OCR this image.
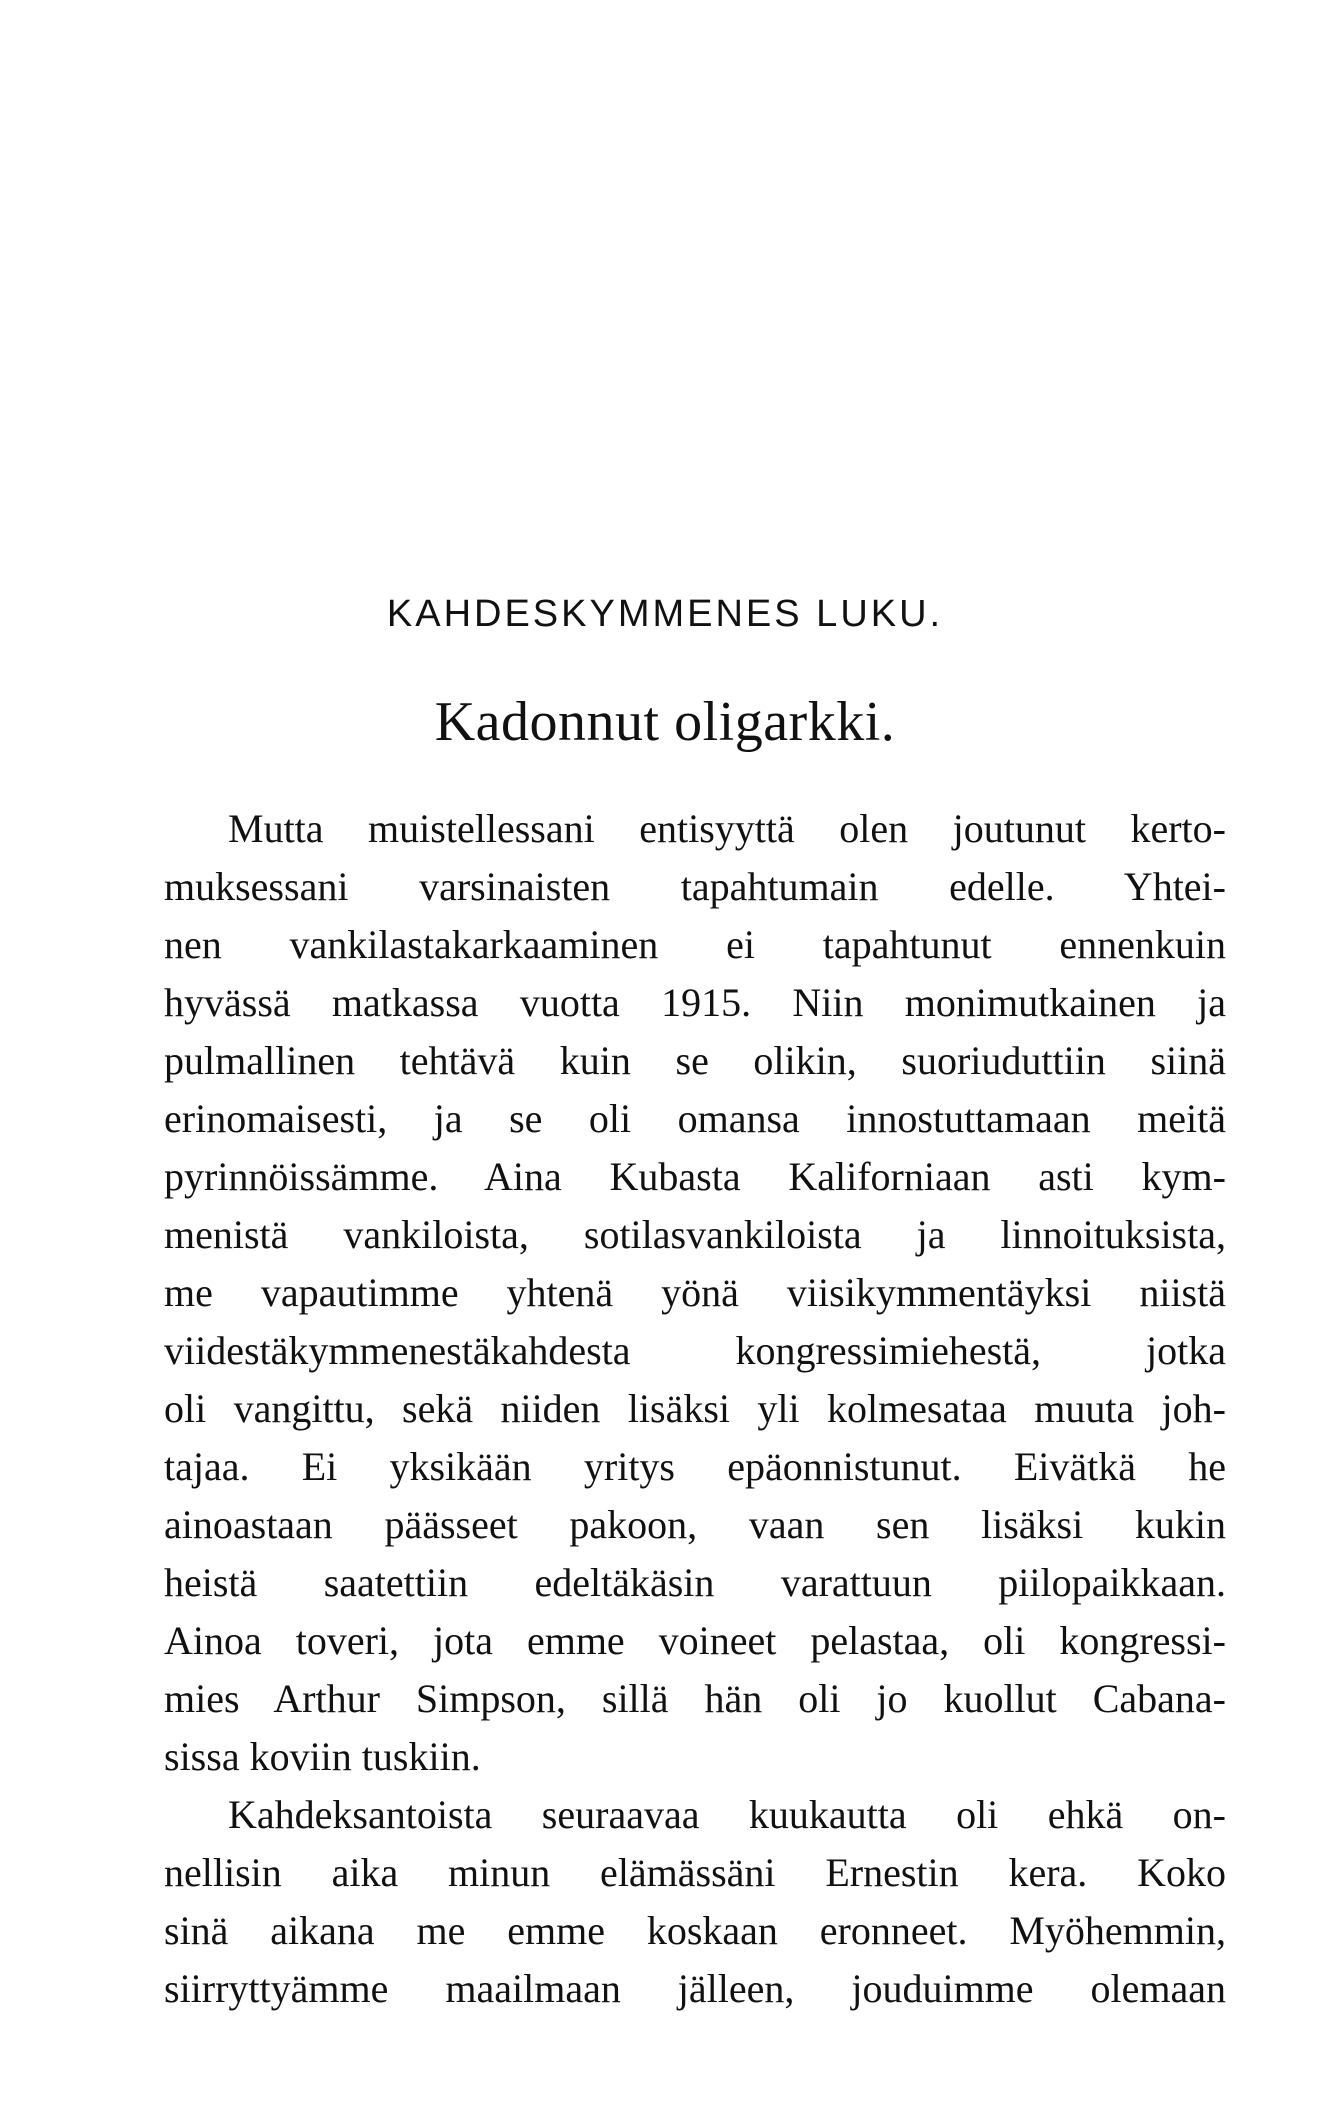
KAHDESKYMMENES LUKU.
Kadonnut oligarkki.
Mutta muistellessani entisyyttä olen joutunut kerto-
muksessani varsinaisten tapahtumain edelle. Yhtei-
nen vankilastakarkaaminen ei tapahtunut ennenkuin
hyvässä matkassa vuotta 1915. Niin monimutkainen ja
pulmallinen tehtävä kuin se olikin, suoriuduttiin siinä
erinomaisesti, ja se oli omansa innostuttamaan meitä
pyrinnöissämme. Aina Kubasta Kaliforniaan asti kym-
menistä vankiloista, sotilasvankiloista ja linnoituksista,
me vapautimme yhtenä yönä viisikymmentäyksi niistä
viidestäkymmenestäkahdesta kongressimiehestä, jotka
oli vangittu, sekä niiden lisäksi yli kolmesataa muuta joh-
tajaa. Ei yksikään yritys epäonnistunut. Eivätkä he
ainoastaan päässeet pakoon, vaan sen lisäksi kukin
heistä saatettiin edeltäkäsin varattuun piilopaikkaan.
Ainoa toveri, jota emme voineet pelastaa, oli kongressi-
mies Arthur Simpson, sillä hän oli jo kuollut Cabana-
sissa koviin tuskiin.
Kahdeksantoista seuraavaa kuukautta oli ehkä on-
nellisin aika minun elämässäni Ernestin kera. Koko
sinä aikana me emme koskaan eronneet. Myöhemmin,
siirryttyämme maailmaan jälleen, jouduimme olemaan
